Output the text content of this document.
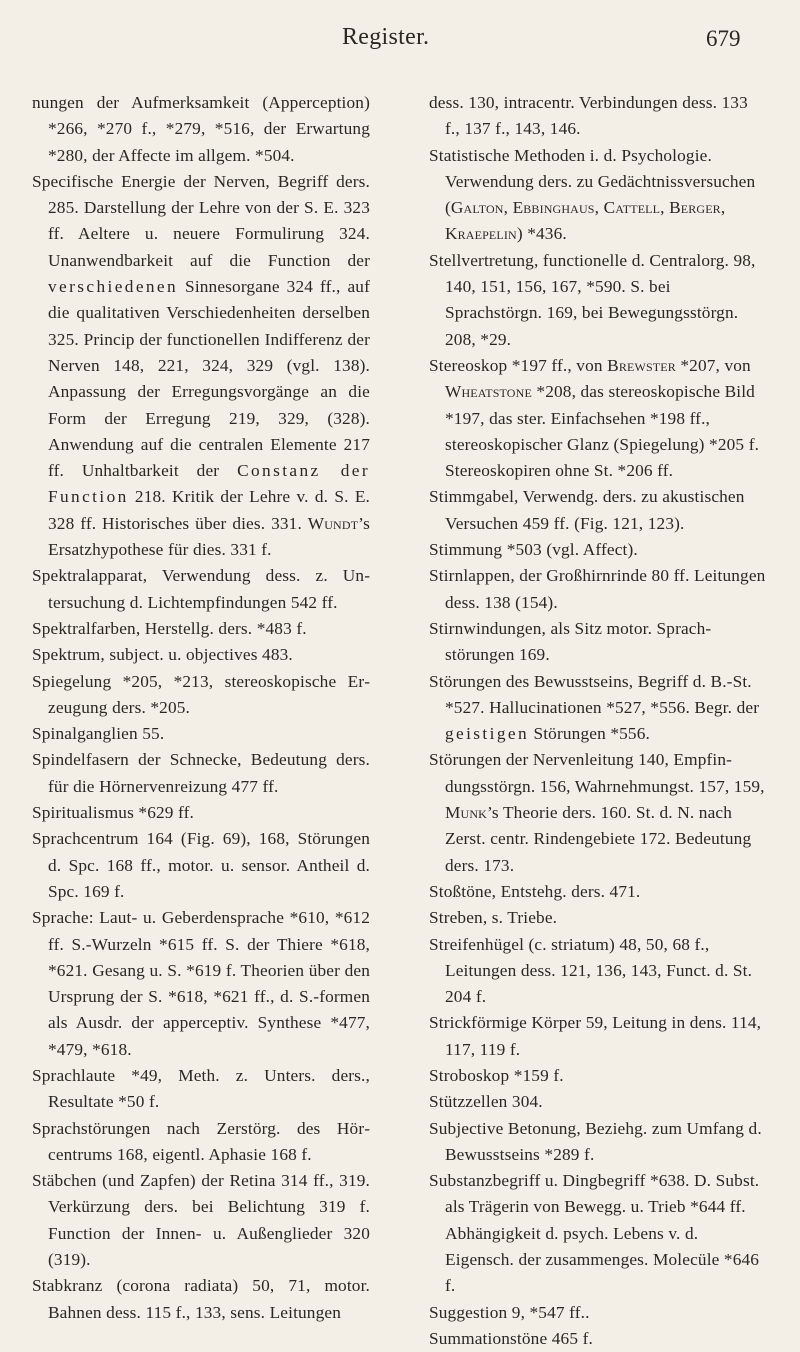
Register.	679

nungen der Aufmerksamkeit (Apperception) *266, *270 f., *279, *516, der Erwartung *280, der Affecte im allgem. *504.

Specifische Energie der Nerven, Begriff ders. 285. Darstellung der Lehre von der S. E. 323 ff. Aeltere u. neuere Formulirung 324. Unanwendbarkeit auf die Function der verschiedenen Sinnesorgane 324 ff., auf die qualitativen Verschiedenheiten derselben 325. Princip der functionellen Indifferenz der Nerven 148, 221, 324, 329 (vgl. 138). Anpassung der Erregungsvorgänge an die Form der Erregung 219, 329, (328). Anwendung auf die centralen Elemente 217 ff. Unhaltbarkeit der Constanz der Function 218. Kritik der Lehre v. d. S. E. 328 ff. Historisches über dies. 331. Wundt’s Ersatzhypothese für dies. 331 f.

Spektralapparat, Verwendung dess. z. Untersuchung d. Lichtempfindungen 542 ff.

Spektralfarben, Herstellg. ders. *483 f.

Spektrum, subject. u. objectives 483.

Spiegelung *205, *213, stereoskopische Erzeugung ders. *205.

Spinalganglien 55.

Spindelfasern der Schnecke, Bedeutung ders. für die Hörnervenreizung 477 ff.

Spiritualismus *629 ff.

Sprachcentrum 164 (Fig. 69), 168, Störungen d. Spc. 168 ff., motor. u. sensor. Antheil d. Spc. 169 f.

Sprache: Laut- u. Geberdensprache *610, *612 ff. S.-Wurzeln *615 ff. S. der Thiere *618, *621. Gesang u. S. *619 f. Theorien über den Ursprung der S. *618, *621 ff., d. S.-formen als Ausdr. der apperceptiv. Synthese *477, *479, *618.

Sprachlaute *49, Meth. z. Unters. ders., Resultate *50 f.

Sprachstörungen nach Zerstörg. des Hörcentrums 168, eigentl. Aphasie 168 f.

Stäbchen (und Zapfen) der Retina 314 ff., 319. Verkürzung ders. bei Belichtung 319 f. Function der Innen- u. Außenglieder 320 (319).

Stabkranz (corona radiata) 50, 71, motor. Bahnen dess. 115 f., 133, sens. Leitungen

dess. 130, intracentr. Verbindungen dess. 133 f., 137 f., 143, 146.

Statistische Methoden i. d. Psychologie. Verwendung ders. zu Gedächtnissversuchen (Galton, Ebbinghaus, Cattell, Berger, Kraepelin) *436.

Stellvertretung, functionelle d. Centralorg. 98, 140, 151, 156, 167, *590. S. bei Sprachstörgn. 169, bei Bewegungsstörgn. 208, *29.

Stereoskop *197 ff., von Brewster *207, von Wheatstone *208, das stereoskopische Bild *197, das ster. Einfachsehen *198 ff., stereoskopischer Glanz (Spiegelung) *205 f. Stereoskopiren ohne St. *206 ff.

Stimmgabel, Verwendg. ders. zu akustischen Versuchen 459 ff. (Fig. 121, 123).

Stimmung *503 (vgl. Affect).

Stirnlappen, der Großhirnrinde 80 ff. Leitungen dess. 138 (154).

Stirnwindungen, als Sitz motor. Sprachstörungen 169.

Störungen des Bewusstseins, Begriff d. B.-St. *527. Hallucinationen *527, *556. Begr. der geistigen Störungen *556.

Störungen der Nervenleitung 140, Empfindungsstörgn. 156, Wahrnehmungst. 157, 159, Munk’s Theorie ders. 160. St. d. N. nach Zerst. centr. Rindengebiete 172. Bedeutung ders. 173.

Stoßtöne, Entstehg. ders. 471.

Streben, s. Triebe.

Streifenhügel (c. striatum) 48, 50, 68 f., Leitungen dess. 121, 136, 143, Funct. d. St. 204 f.

Strickförmige Körper 59, Leitung in dens. 114, 117, 119 f.

Stroboskop *159 f.

Stützzellen 304.

Subjective Betonung, Beziehg. zum Umfang d. Bewusstseins *289 f.

Substanzbegriff u. Dingbegriff *638. D. Subst. als Trägerin von Bewegg. u. Trieb *644 ff. Abhängigkeit d. psych. Lebens v. d. Eigensch. der zusammenges. Molecüle *646 f.

Suggestion 9, *547 ff..

Summationstöne 465 f.
